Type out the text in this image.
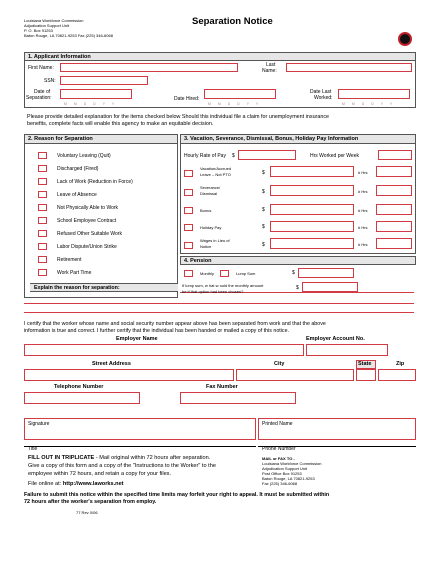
Louisiana Workforce Commission
Adjudication Support Unit
P. O. Box 91253
Baton Rouge, LA 70821-9253 Fax (225) 346-6068
Separation Notice
1. Applicant Information
First Name:	Last
Name:
SSN:
Date of
Separation:
M M D D Y Y
Date Hired:
M M D D Y Y
Date Last
Worked:
M M D D Y Y
Please provide detailed explanation for the items checked below Should this individual file a claim for unemployment insurance
benefits, complete facts will enable this agency to make an equitable decision.
2. Reason for Separation
Voluntary Leaving (Quit)
Discharged (Fired)
Lack of Work (Reduction in Force)
Leave of Absence
Not Physically Able to Work
School Employee Contract
Refused Other Suitable Work
Labor Dispute/Union Strike
Retirement
Work Part Time
Explain the reason for separation:
3. Vacation, Severance, Dismissal, Bonus, Holiday Pay Information
Hourly Rate of Pay $	Hrs Worked per Week
Vacation/Accrued
Leave – Not PTO	$	# Hrs
Severance/
Dismissal	$	# Hrs
Bonus	$	# Hrs
Holiday Pay	$	# Hrs
Wages in Lieu of
Notice	$	# Hrs
4. Pension
Monthly	Lump Sum	$
If lump sum, w hat w ould the monthly amount
be if that option had been chosen?
$
I certify that the worker whose name and social security number appear above has been separated from work and that the above
information is true and correct. I further certify that the individual has been handed or mailed a copy of this notice.
Employer Name	Employer Account No.
Street Address	City	State	Zip
Telephone Number	Fax Number
Signature	Printed Name
Title	Phone Number
FILL OUT IN TRIPLICATE - Mail original within 72 hours after separation.
Give a copy of this form and a copy of the "Instructions to the Worker" to the
employee within 72 hours, and retain a copy for your files.
File online at: http://www.laworks.net
MAIL or FAX TO -
Louisiana Workforce Commission
Adjudication Support Unit
Post Office Box 91253
Baton Rouge, LA 70821-9253
Fax (225) 346-6068
Failure to submit this notice within the specified time limits may forfeit your right to appeal. It must be submitted within
72 hours after the worker's separation from employ.
77 Rev 0/06
